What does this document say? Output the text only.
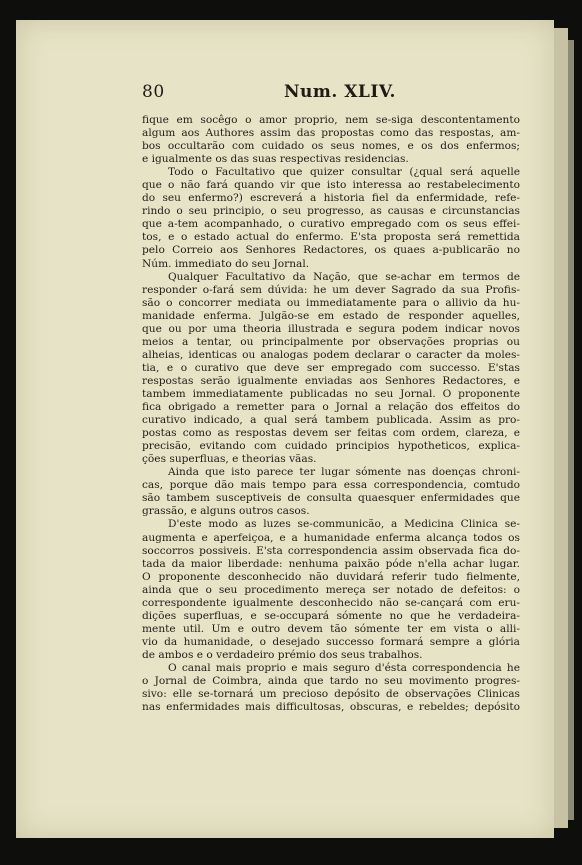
80	Num. XLIV.
fique em socêgo o amor proprio, nem se-siga descontentamento
algum aos Authores assim das propostas como das respostas, am-
bos occultarão com cuidado os seus nomes, e os dos enfermos;
e igualmente os das suas respectivas residencias.
Todo o Facultativo que quizer consultar (¿qual será aquelle
que o não fará quando vir que isto interessa ao restabelecimento
do seu enfermo?) escreverá a historia fiel da enfermidade, refe-
rindo o seu principio, o seu progresso, as causas e circunstancias
que a-tem acompanhado, o curativo empregado com os seus effei-
tos, e o estado actual do enfermo. E'sta proposta será remettida
pelo Correio aos Senhores Redactores, os quaes a-publicarão no
Núm. immediato do seu Jornal.
Qualquer Facultativo da Nação, que se-achar em termos de
responder o-fará sem dúvida: he um dever Sagrado da sua Profis-
são o concorrer mediata ou immediatamente para o allivio da hu-
manidade enferma. Julgão-se em estado de responder aquelles,
que ou por uma theoria illustrada e segura podem indicar novos
meios a tentar, ou principalmente por observações proprias ou
alheias, identicas ou analogas podem declarar o caracter da moles-
tia, e o curativo que deve ser empregado com successo. E'stas
respostas serão igualmente enviadas aos Senhores Redactores, e
tambem immediatamente publicadas no seu Jornal. O proponente
fica obrigado a remetter para o Jornal a relação dos effeitos do
curativo indicado, a qual será tambem publicada. Assim as pro-
postas como as respostas devem ser feitas com ordem, clareza, e
precisão, evitando com cuidado principios hypotheticos, explica-
ções superfluas, e theorias vãas.
Ainda que isto parece ter lugar sómente nas doenças chroni-
cas, porque dão mais tempo para essa correspondencia, comtudo
são tambem susceptiveis de consulta quaesquer enfermidades que
grassão, e alguns outros casos.
D'este modo as luzes se-communicão, a Medicina Clinica se-
augmenta e aperfeiçoa, e a humanidade enferma alcança todos os
soccorros possiveis. E'sta correspondencia assim observada fica do-
tada da maior liberdade: nenhuma paixão póde n'ella achar lugar.
O proponente desconhecido não duvidará referir tudo fielmente,
ainda que o seu procedimento mereça ser notado de defeitos: o
correspondente igualmente desconhecido não se-cançará com eru-
dições superfluas, e se-occupará sómente no que he verdadeira-
mente util. Um e outro devem tão sómente ter em vista o alli-
vio da humanidade, o desejado successo formará sempre a glória
de ambos e o verdadeiro prémio dos seus trabalhos.
O canal mais proprio e mais seguro d'ésta correspondencia he
o Jornal de Coimbra, ainda que tardo no seu movimento progres-
sivo: elle se-tornará um precioso depósito de observações Clinicas
nas enfermidades mais difficultosas, obscuras, e rebeldes; depósito
